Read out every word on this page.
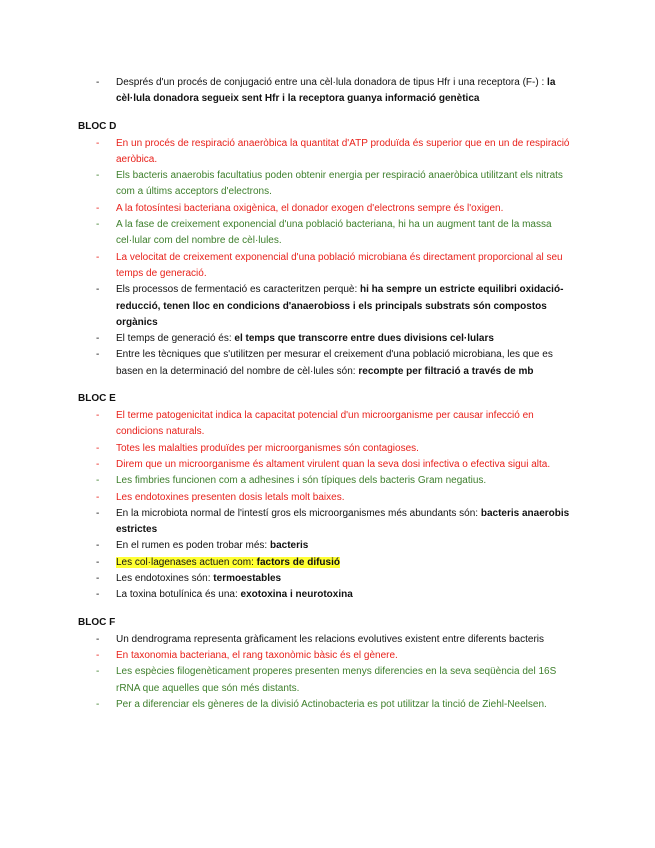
- Després d'un procés de conjugació entre una cèl·lula donadora de tipus Hfr i una receptora (F-) : la cèl·lula donadora segueix sent Hfr i la receptora guanya informació genètica
BLOC D
- En un procés de respiració anaeròbica la quantitat d'ATP produïda és superior que en un de respiració aeròbica.
- Els bacteris anaerobis facultatius poden obtenir energia per respiració anaeròbica utilitzant els nitrats com a últims acceptors d'electrons.
- A la fotosíntesi bacteriana oxigènica, el donador exogen d'electrons sempre és l'oxigen.
- A la fase de creixement exponencial d'una població bacteriana, hi ha un augment tant de la massa cel·lular com del nombre de cèl·lules.
- La velocitat de creixement exponencial d'una població microbiana és directament proporcional al seu temps de generació.
- Els processos de fermentació es caracteritzen perquè: hi ha sempre un estricte equilibri oxidació-reducció, tenen lloc en condicions d'anaerobioss i els principals substrats són compostos orgànics
- El temps de generació és: el temps que transcorre entre dues divisions cel·lulars
- Entre les tècniques que s'utilitzen per mesurar el creixement d'una població microbiana, les que es basen en la determinació del nombre de cèl·lules són: recompte per filtració a través de mb
BLOC E
- El terme patogenicitat indica la capacitat potencial d'un microorganisme per causar infecció en condicions naturals.
- Totes les malalties produïdes per microorganismes són contagioses.
- Direm que un microorganisme és altament virulent quan la seva dosi infectiva o efectiva sigui alta.
- Les fimbries funcionen com a adhesines i són típiques dels bacteris Gram negatius.
- Les endotoxines presenten dosis letals molt baixes.
- En la microbiota normal de l'intestí gros els microorganismes més abundants són: bacteris anaerobis estrictes
- En el rumen es poden trobar més: bacteris
- Les col·lagenases actuen com: factors de difusió
- Les endotoxines són: termoestables
- La toxina botulínica és una: exotoxina i neurotoxina
BLOC F
- Un dendrograma representa gràficament les relacions evolutives existent entre diferents bacteris
- En taxonomia bacteriana, el rang taxonòmic bàsic és el gènere.
- Les espècies filogenèticament properes presenten menys diferencies en la seva seqüència del 16S rRNA que aquelles que són més distants.
- Per a diferenciar els gèneres de la divisió Actinobacteria es pot utilitzar la tinció de Ziehl-Neelsen.
